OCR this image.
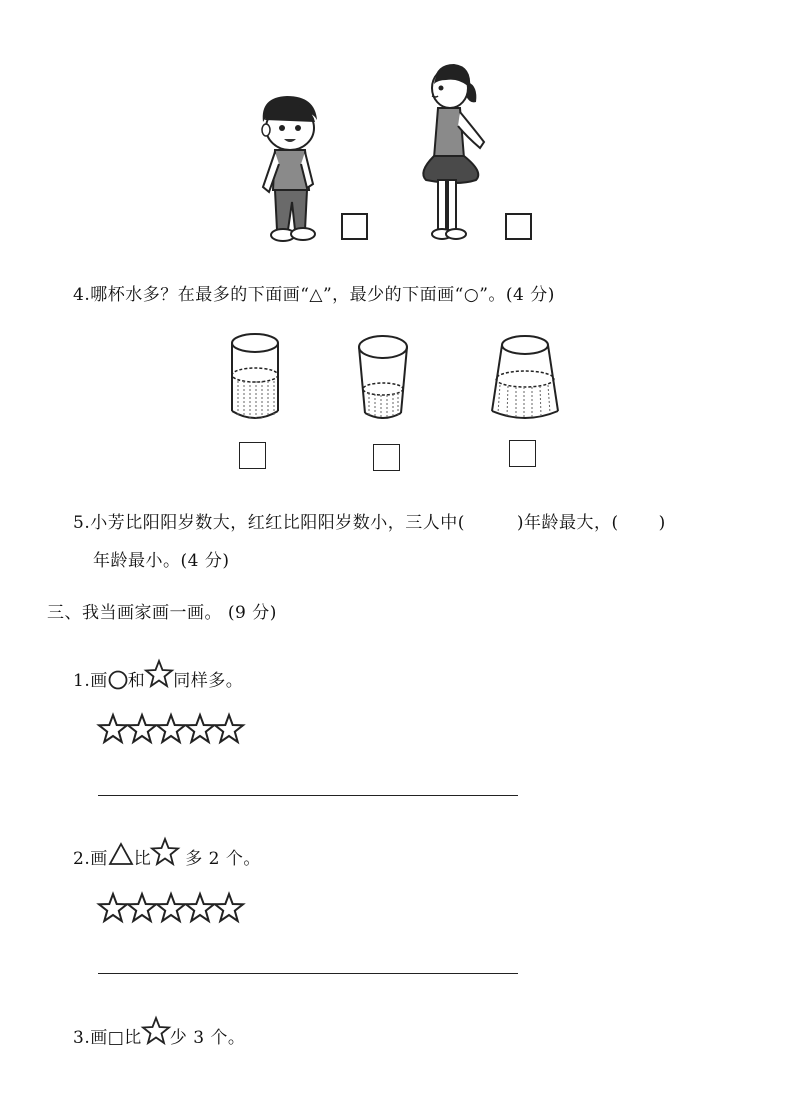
4.哪杯水多？在最多的下面画“△”，最少的下面画“○”。(4 分)
5.小芳比阳阳岁数大，红红比阳阳岁数小，三人中(	)年龄最大，( )
年龄最小。(4 分)
三、我当画家画一画。 (9 分)
1.画 和 同样多。
2.画 比 多 2 个。
3.画□比 少 3 个。
